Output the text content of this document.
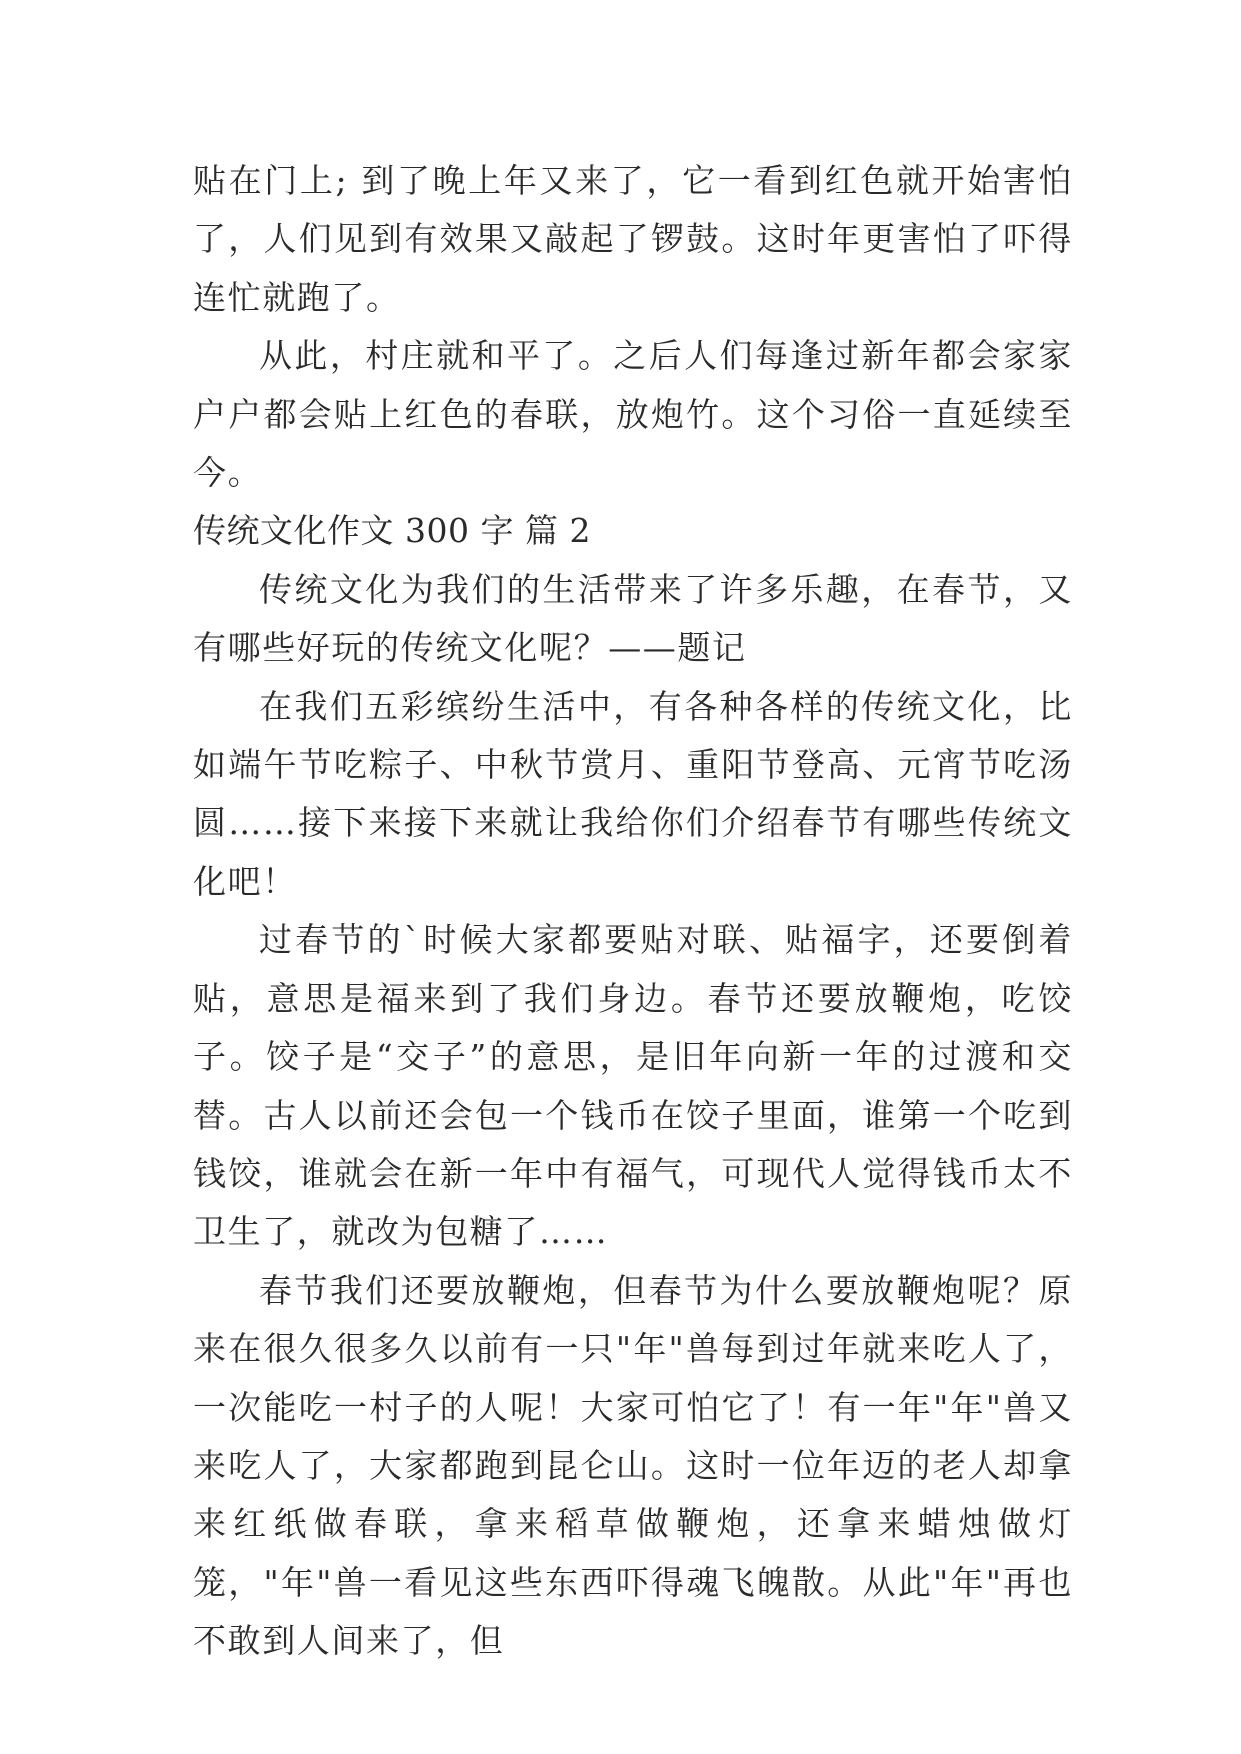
贴在门上; 到了晚上年又来了，它一看到红色就开始害怕了，人们见到有效果又敲起了锣鼓。这时年更害怕了吓得连忙就跑了。

从此，村庄就和平了。之后人们每逢过新年都会家家户户都会贴上红色的春联，放炮竹。这个习俗一直延续至今。

传统文化作文 300 字 篇 2

传统文化为我们的生活带来了许多乐趣，在春节，又有哪些好玩的传统文化呢？——题记

在我们五彩缤纷生活中，有各种各样的传统文化，比如端午节吃粽子、中秋节赏月、重阳节登高、元宵节吃汤圆……接下来接下来就让我给你们介绍春节有哪些传统文化吧！

过春节的`时候大家都要贴对联、贴福字，还要倒着贴，意思是福来到了我们身边。春节还要放鞭炮，吃饺子。饺子是“交子”的意思，是旧年向新一年的过渡和交替。古人以前还会包一个钱币在饺子里面，谁第一个吃到钱饺，谁就会在新一年中有福气，可现代人觉得钱币太不卫生了，就改为包糖了……

春节我们还要放鞭炮，但春节为什么要放鞭炮呢？原来在很久很多久以前有一只"年"兽每到过年就来吃人了，一次能吃一村子的人呢！大家可怕它了！有一年"年"兽又来吃人了，大家都跑到昆仑山。这时一位年迈的老人却拿来红纸做春联，拿来稻草做鞭炮，还拿来蜡烛做灯笼，"年"兽一看见这些东西吓得魂飞魄散。从此"年"再也不敢到人间来了，但
